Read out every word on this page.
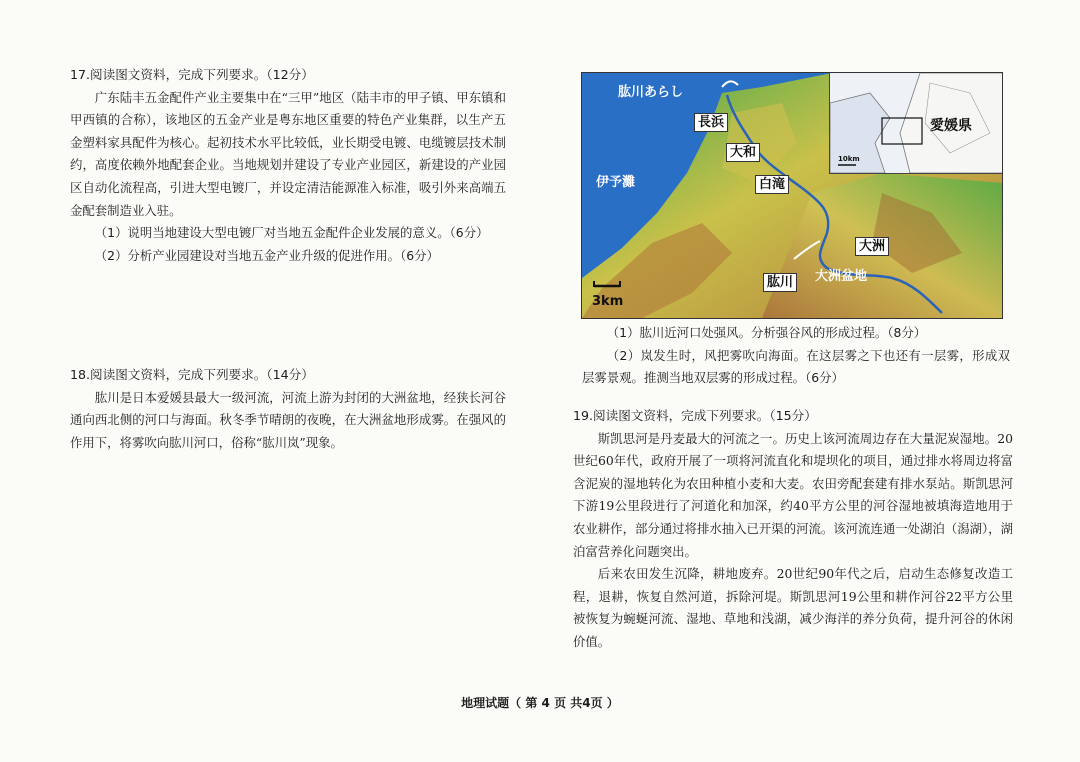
17.阅读图文资料，完成下列要求。（12分）

广东陆丰五金配件产业主要集中在“三甲”地区（陆丰市的甲子镇、甲东镇和甲西镇的合称），该地区的五金产业是粤东地区重要的特色产业集群，以生产五金塑料家具配件为核心。起初技术水平比较低，业长期受电镀、电缆镀层技术制约，高度依赖外地配套企业。当地规划并建设了专业产业园区，新建设的产业园区自动化流程高，引进大型电镀厂，并设定清洁能源准入标准，吸引外来高端五金配套制造业入驻。

（1）说明当地建设大型电镀厂对当地五金配件企业发展的意义。（6分）

（2）分析产业园建设对当地五金产业升级的促进作用。（6分）

18.阅读图文资料，完成下列要求。（14分）

肱川是日本爱媛县最大一级河流，河流上游为封闭的大洲盆地，经狭长河谷通向西北侧的河口与海面。秋冬季节晴朗的夜晚，在大洲盆地形成雾。在强风的作用下，将雾吹向肱川河口，俗称“肱川岚”现象。

愛媛県
10km
肱川あらし
長浜
大和
伊予灘	白滝
大洲
肱川	大洲盆地
3km

（1）肱川近河口处强风。分析强谷风的形成过程。（8分）

（2）岚发生时，风把雾吹向海面。在这层雾之下也还有一层雾，形成双层雾景观。推测当地双层雾的形成过程。（6分）

19.阅读图文资料，完成下列要求。（15分）

斯凯思河是丹麦最大的河流之一。历史上该河流周边存在大量泥炭湿地。20世纪60年代，政府开展了一项将河流直化和堤坝化的项目，通过排水将周边将富含泥炭的湿地转化为农田种植小麦和大麦。农田旁配套建有排水泵站。斯凯思河下游19公里段进行了河道化和加深，约40平方公里的河谷湿地被填海造地用于农业耕作，部分通过将排水抽入已开渠的河流。该河流连通一处湖泊（潟湖），湖泊富营养化问题突出。

后来农田发生沉降，耕地废弃。20世纪90年代之后，启动生态修复改造工程，退耕，恢复自然河道，拆除河堤。斯凯思河19公里和耕作河谷22平方公里被恢复为蜿蜒河流、湿地、草地和浅湖，减少海洋的养分负荷，提升河谷的休闲价值。

地理试题（ 第 4 页 共4页 ）
